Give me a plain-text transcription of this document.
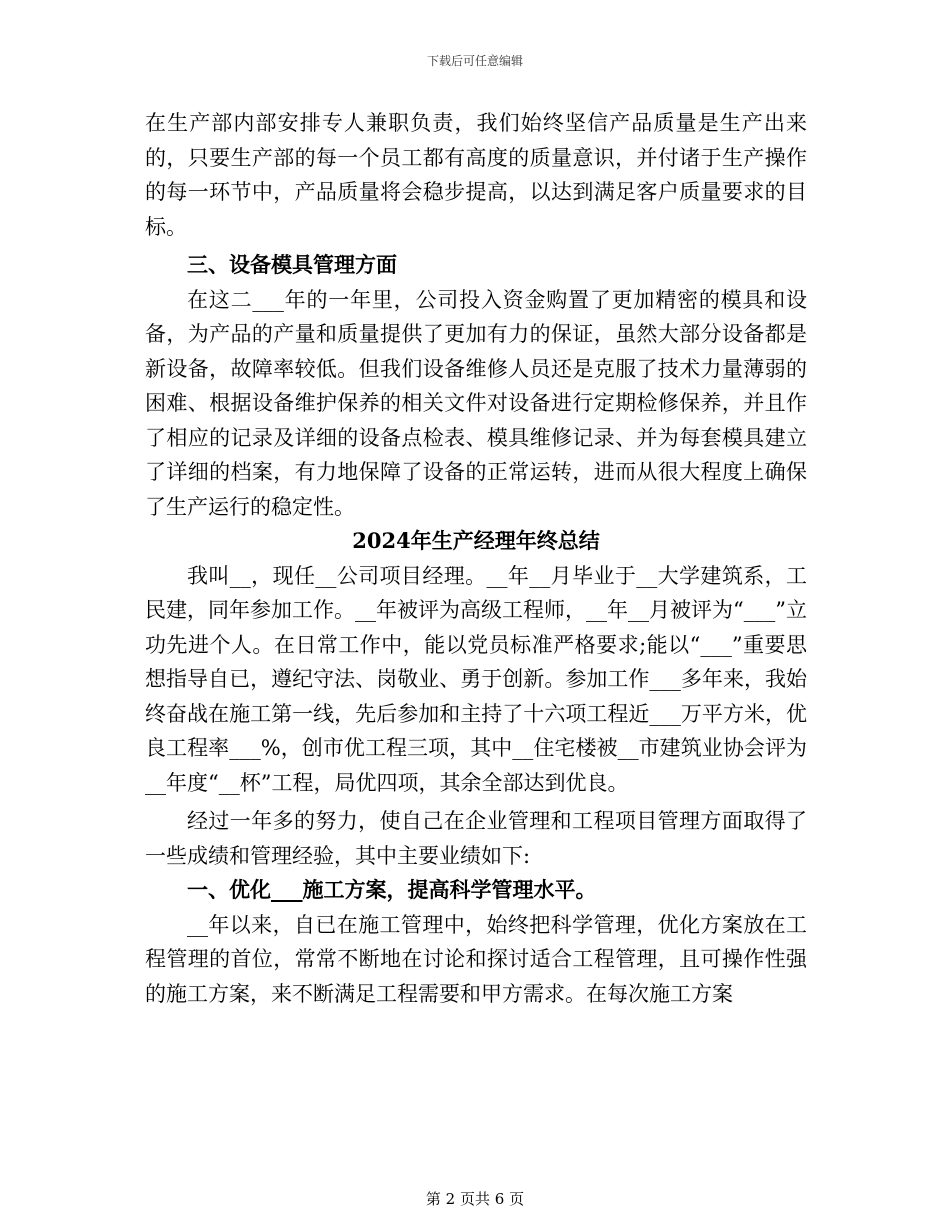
下载后可任意编辑

在生产部内部安排专人兼职负责，我们始终坚信产品质量是生产出来的，只要生产部的每一个员工都有高度的质量意识，并付诸于生产操作的每一环节中，产品质量将会稳步提高，以达到满足客户质量要求的目标。

三、设备模具管理方面

在这二___年的一年里，公司投入资金购置了更加精密的模具和设备，为产品的产量和质量提供了更加有力的保证，虽然大部分设备都是新设备，故障率较低。但我们设备维修人员还是克服了技术力量薄弱的困难、根据设备维护保养的相关文件对设备进行定期检修保养，并且作了相应的记录及详细的设备点检表、模具维修记录、并为每套模具建立了详细的档案，有力地保障了设备的正常运转，进而从很大程度上确保了生产运行的稳定性。

2024年生产经理年终总结

我叫__，现任__公司项目经理。__年__月毕业于__大学建筑系，工民建，同年参加工作。__年被评为高级工程师，__年__月被评为“___”立功先进个人。在日常工作中，能以党员标准严格要求;能以“___”重要思想指导自已，遵纪守法、岗敬业、勇于创新。参加工作___多年来，我始终奋战在施工第一线，先后参加和主持了十六项工程近___万平方米，优良工程率___%，创市优工程三项，其中__住宅楼被__市建筑业协会评为__年度“__杯”工程，局优四项，其余全部达到优良。

经过一年多的努力，使自己在企业管理和工程项目管理方面取得了一些成绩和管理经验，其中主要业绩如下:

一、优化___施工方案，提高科学管理水平。

__年以来，自已在施工管理中，始终把科学管理，优化方案放在工程管理的首位，常常不断地在讨论和探讨适合工程管理，且可操作性强的施工方案，来不断满足工程需要和甲方需求。在每次施工方案

第 2 页共 6 页
